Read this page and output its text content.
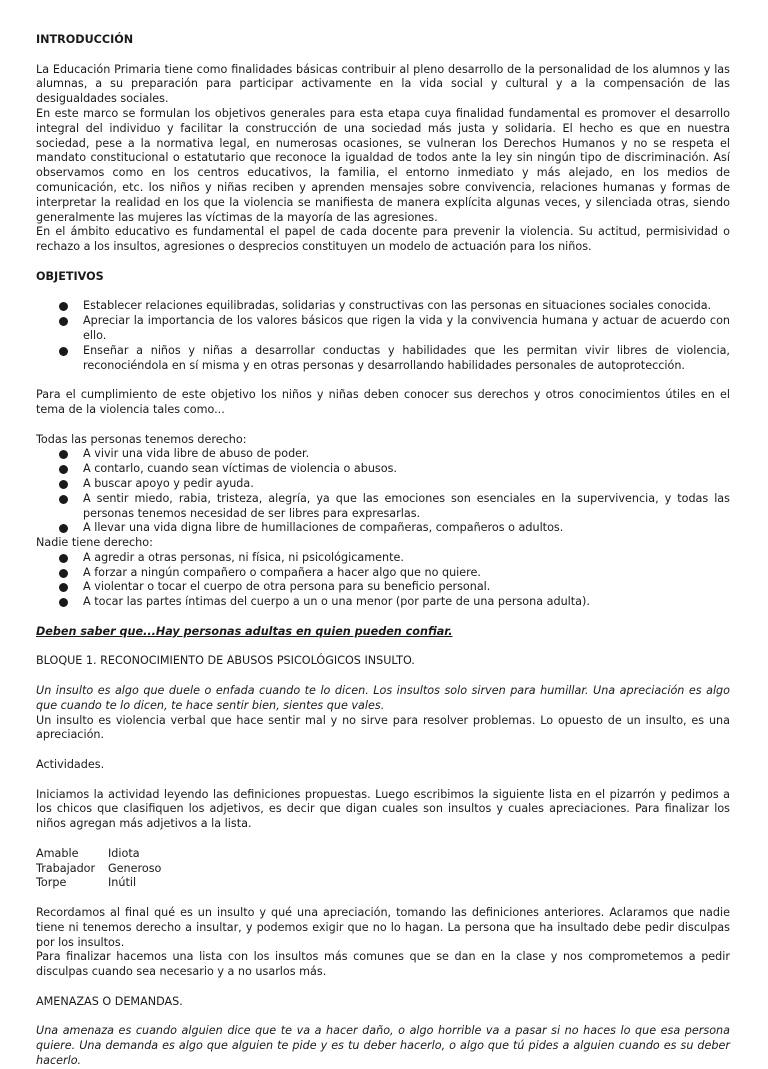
INTRODUCCIÓN

La Educación Primaria tiene como finalidades básicas contribuir al pleno desarrollo de la personalidad de los alumnos y las alumnas, a su preparación para participar activamente en la vida social y cultural y a la compensación de las desigualdades sociales.

En este marco se formulan los objetivos generales para esta etapa cuya finalidad fundamental es promover el desarrollo integral del individuo y facilitar la construcción de una sociedad más justa y solidaria. El hecho es que en nuestra sociedad, pese a la normativa legal, en numerosas ocasiones, se vulneran los Derechos Humanos y no se respeta el mandato constitucional o estatutario que reconoce la igualdad de todos ante la ley sin ningún tipo de discriminación. Así observamos como en los centros educativos, la familia, el entorno inmediato y más alejado, en los medios de comunicación, etc. los niños y niñas reciben y aprenden mensajes sobre convivencia, relaciones humanas y formas de interpretar la realidad en los que la violencia se manifiesta de manera explícita algunas veces, y silenciada otras, siendo generalmente las mujeres las víctimas de la mayoría de las agresiones.

En el ámbito educativo es fundamental el papel de cada docente para prevenir la violencia. Su actitud, permisividad o rechazo a los insultos, agresiones o desprecios constituyen un modelo de actuación para los niños.

OBJETIVOS

Establecer relaciones equilibradas, solidarias y constructivas con las personas en situaciones sociales conocida.
Apreciar la importancia de los valores básicos que rigen la vida y la convivencia humana y actuar de acuerdo con ello.
Enseñar a niños y niñas a desarrollar conductas y habilidades que les permitan vivir libres de violencia, reconociéndola en sí misma y en otras personas y desarrollando habilidades personales de autoprotección.

Para el cumplimiento de este objetivo los niños y niñas deben conocer sus derechos y otros conocimientos útiles en el tema de la violencia tales como...

Todas las personas tenemos derecho:

A vivir una vida libre de abuso de poder.
A contarlo, cuando sean víctimas de violencia o abusos.
A buscar apoyo y pedir ayuda.
A sentir miedo, rabia, tristeza, alegría, ya que las emociones son esenciales en la supervivencia, y todas las personas tenemos necesidad de ser libres para expresarlas.
A llevar una vida digna libre de humillaciones de compañeras, compañeros o adultos.

Nadie tiene derecho:

A agredir a otras personas, ni física, ni psicológicamente.
A forzar a ningún compañero o compañera a hacer algo que no quiere.
A violentar o tocar el cuerpo de otra persona para su beneficio personal.
A tocar las partes íntimas del cuerpo a un o una menor (por parte de una persona adulta).

Deben saber que...Hay personas adultas en quien pueden confiar.

BLOQUE 1. RECONOCIMIENTO DE ABUSOS PSICOLÓGICOS INSULTO.

Un insulto es algo que duele o enfada cuando te lo dicen. Los insultos solo sirven para humillar. Una apreciación es algo que cuando te lo dicen, te hace sentir bien, sientes que vales.

Un insulto es violencia verbal que hace sentir mal y no sirve para resolver problemas. Lo opuesto de un insulto, es una apreciación.

Actividades.

Iniciamos la actividad leyendo las definiciones propuestas. Luego escribimos la siguiente lista en el pizarrón y pedimos a los chicos que clasifiquen los adjetivos, es decir que digan cuales son insultos y cuales apreciaciones. Para finalizar los niños agregan más adjetivos a la lista.

Amable	Idiota
Trabajador	Generoso
Torpe	Inútil

Recordamos al final qué es un insulto y qué una apreciación, tomando las definiciones anteriores. Aclaramos que nadie tiene ni tenemos derecho a insultar, y podemos exigir que no lo hagan. La persona que ha insultado debe pedir disculpas por los insultos.

Para finalizar hacemos una lista con los insultos más comunes que se dan en la clase y nos comprometemos a pedir disculpas cuando sea necesario y a no usarlos más.

AMENAZAS O DEMANDAS.

Una amenaza es cuando alguien dice que te va a hacer daño, o algo horrible va a pasar si no haces lo que esa persona quiere. Una demanda es algo que alguien te pide y es tu deber hacerlo, o algo que tú pides a alguien cuando es su deber hacerlo.
